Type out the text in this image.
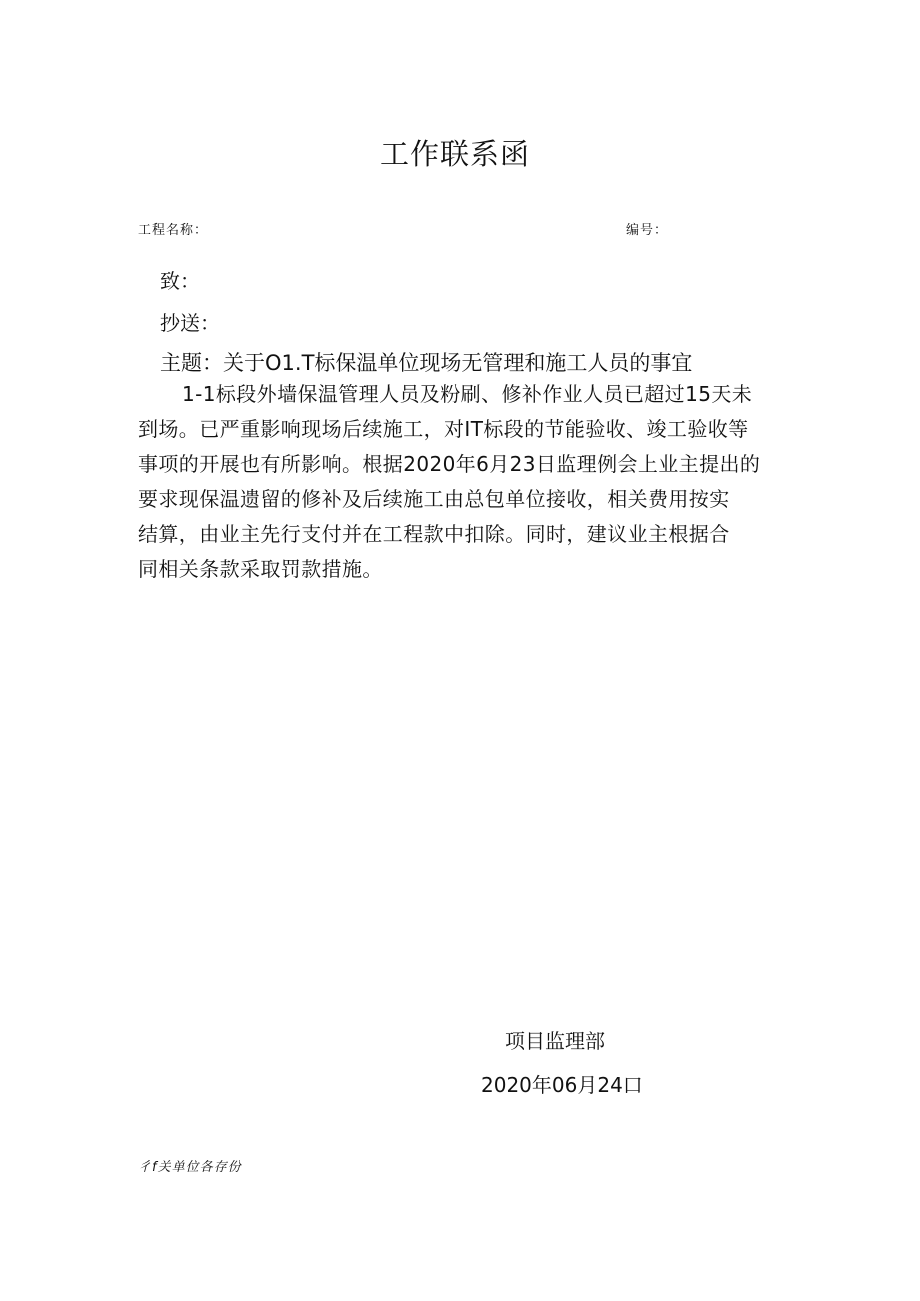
工作联系函
工程名称：	编号：
致：
抄送：
主题：关于O1.T标保温单位现场无管理和施工人员的事宜
1-1标段外墙保温管理人员及粉刷、修补作业人员已超过15天未
到场。已严重影响现场后续施工，对IT标段的节能验收、竣工验收等
事项的开展也有所影响。根据2020年6月23日监理例会上业主提出的
要求现保温遗留的修补及后续施工由总包单位接收，相关费用按实
结算，由业主先行支付并在工程款中扣除。同时，建议业主根据合
同相关条款采取罚款措施。
项目监理部
2020年06月24口
彳f关单位各存份
